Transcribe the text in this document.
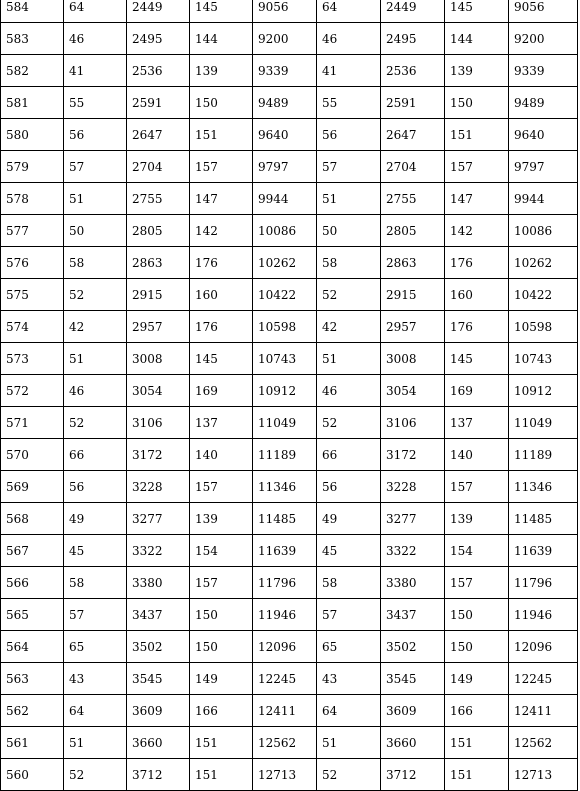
584	64	2449	145	9056	64	2449	145	9056
583	46	2495	144	9200	46	2495	144	9200
582	41	2536	139	9339	41	2536	139	9339
581	55	2591	150	9489	55	2591	150	9489
580	56	2647	151	9640	56	2647	151	9640
579	57	2704	157	9797	57	2704	157	9797
578	51	2755	147	9944	51	2755	147	9944
577	50	2805	142	10086	50	2805	142	10086
576	58	2863	176	10262	58	2863	176	10262
575	52	2915	160	10422	52	2915	160	10422
574	42	2957	176	10598	42	2957	176	10598
573	51	3008	145	10743	51	3008	145	10743
572	46	3054	169	10912	46	3054	169	10912
571	52	3106	137	11049	52	3106	137	11049
570	66	3172	140	11189	66	3172	140	11189
569	56	3228	157	11346	56	3228	157	11346
568	49	3277	139	11485	49	3277	139	11485
567	45	3322	154	11639	45	3322	154	11639
566	58	3380	157	11796	58	3380	157	11796
565	57	3437	150	11946	57	3437	150	11946
564	65	3502	150	12096	65	3502	150	12096
563	43	3545	149	12245	43	3545	149	12245
562	64	3609	166	12411	64	3609	166	12411
561	51	3660	151	12562	51	3660	151	12562
560	52	3712	151	12713	52	3712	151	12713
